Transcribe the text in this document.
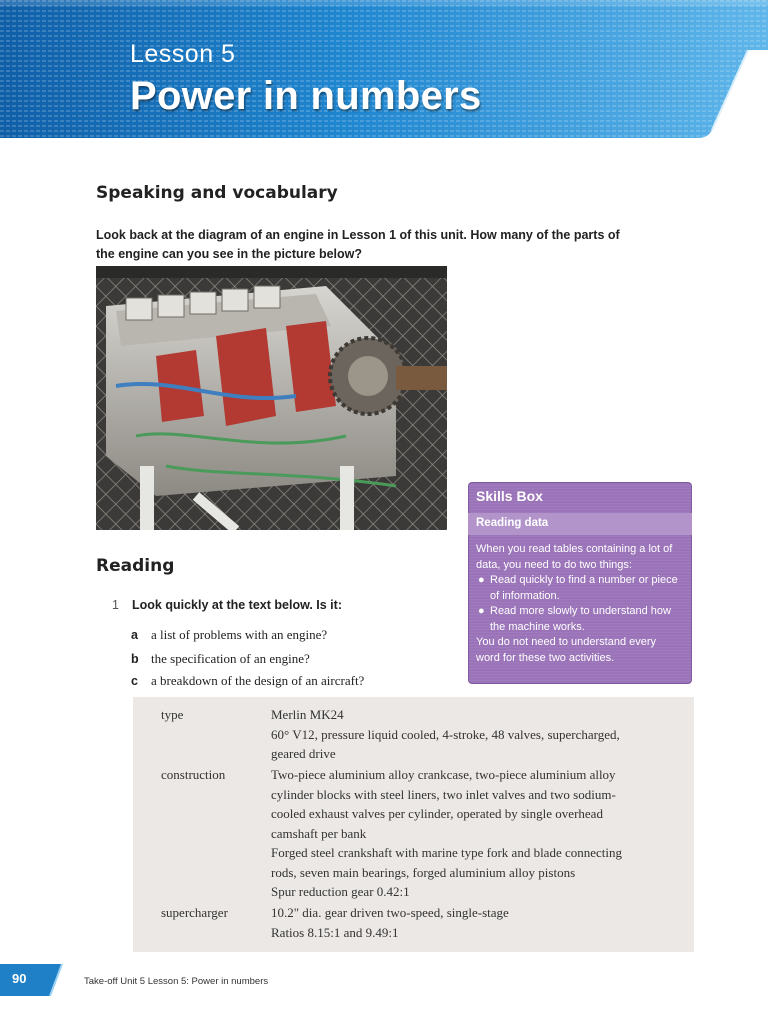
Lesson 5
Power in numbers
Speaking and vocabulary
Look back at the diagram of an engine in Lesson 1 of this unit. How many of the parts of
the engine can you see in the picture below?
Skills Box
Reading data

When you read tables containing a lot of

data, you need to do two things:

● Read quickly to find a number or piece
of information.
● Read more slowly to understand how
the machine works.

You do not need to understand every

word for these two activities.

Reading
1 Look quickly at the text below. Is it:
a a list of problems with an engine?
b the specification of an engine?
c a breakdown of the design of an aircraft?
type	Merlin MK24
60° V12, pressure liquid cooled, 4-stroke, 48 valves, supercharged,
geared drive
construction	Two-piece aluminium alloy crankcase, two-piece aluminium alloy
cylinder blocks with steel liners, two inlet valves and two sodium-
cooled exhaust valves per cylinder, operated by single overhead
camshaft per bank
Forged steel crankshaft with marine type fork and blade connecting
rods, seven main bearings, forged aluminium alloy pistons
Spur reduction gear 0.42:1
supercharger	10.2" dia. gear driven two-speed, single-stage
Ratios 8.15:1 and 9.49:1
90	Take-off Unit 5 Lesson 5: Power in numbers
